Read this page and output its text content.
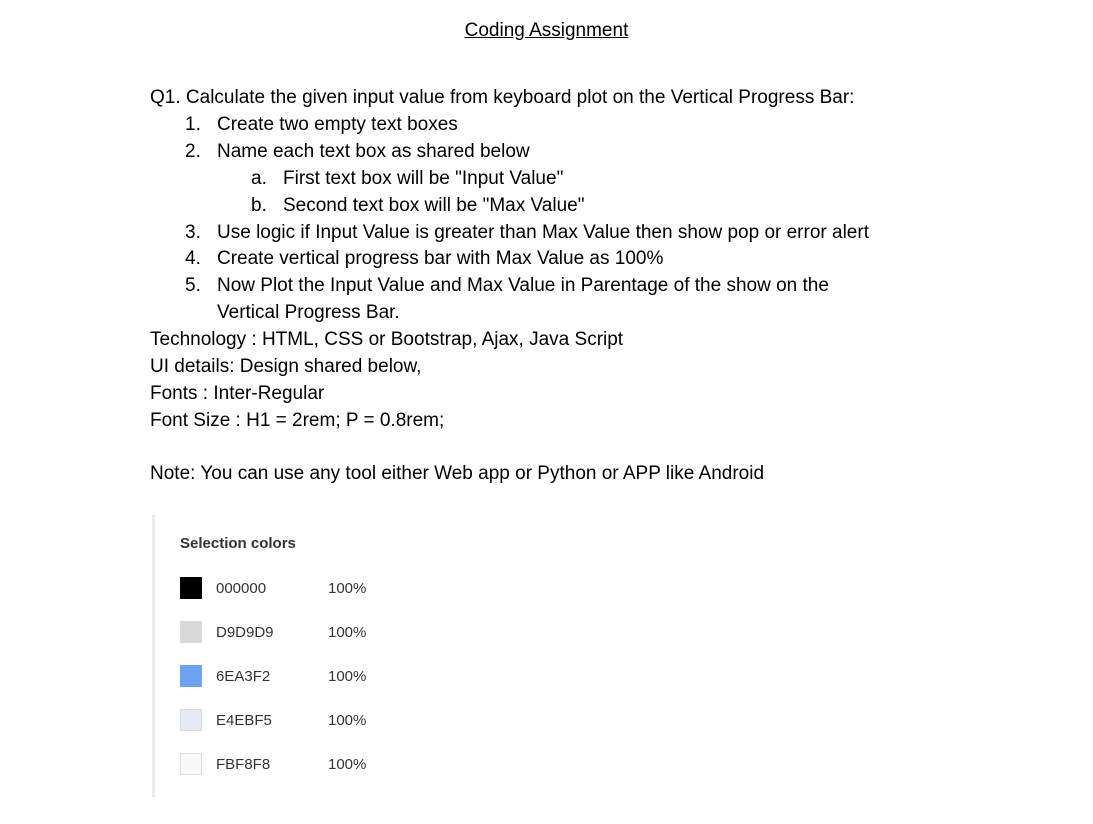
Coding Assignment
Q1. Calculate the given input value from keyboard plot on the Vertical Progress Bar:
1. Create two empty text boxes
2. Name each text box as shared below
a. First text box will be "Input Value"
b. Second text box will be "Max Value"
3. Use logic if Input Value is greater than Max Value then show pop or error alert
4. Create vertical progress bar with Max Value as 100%
5. Now Plot the Input Value and Max Value in Parentage of the show on the
Vertical Progress Bar.
Technology : HTML, CSS or Bootstrap, Ajax, Java Script
UI details: Design shared below,
Fonts : Inter-Regular
Font Size : H1 = 2rem; P = 0.8rem;
Note: You can use any tool either Web app or Python or APP like Android
Selection colors
000000	100%
D9D9D9	100%
6EA3F2	100%
E4EBF5	100%
FBF8F8	100%
